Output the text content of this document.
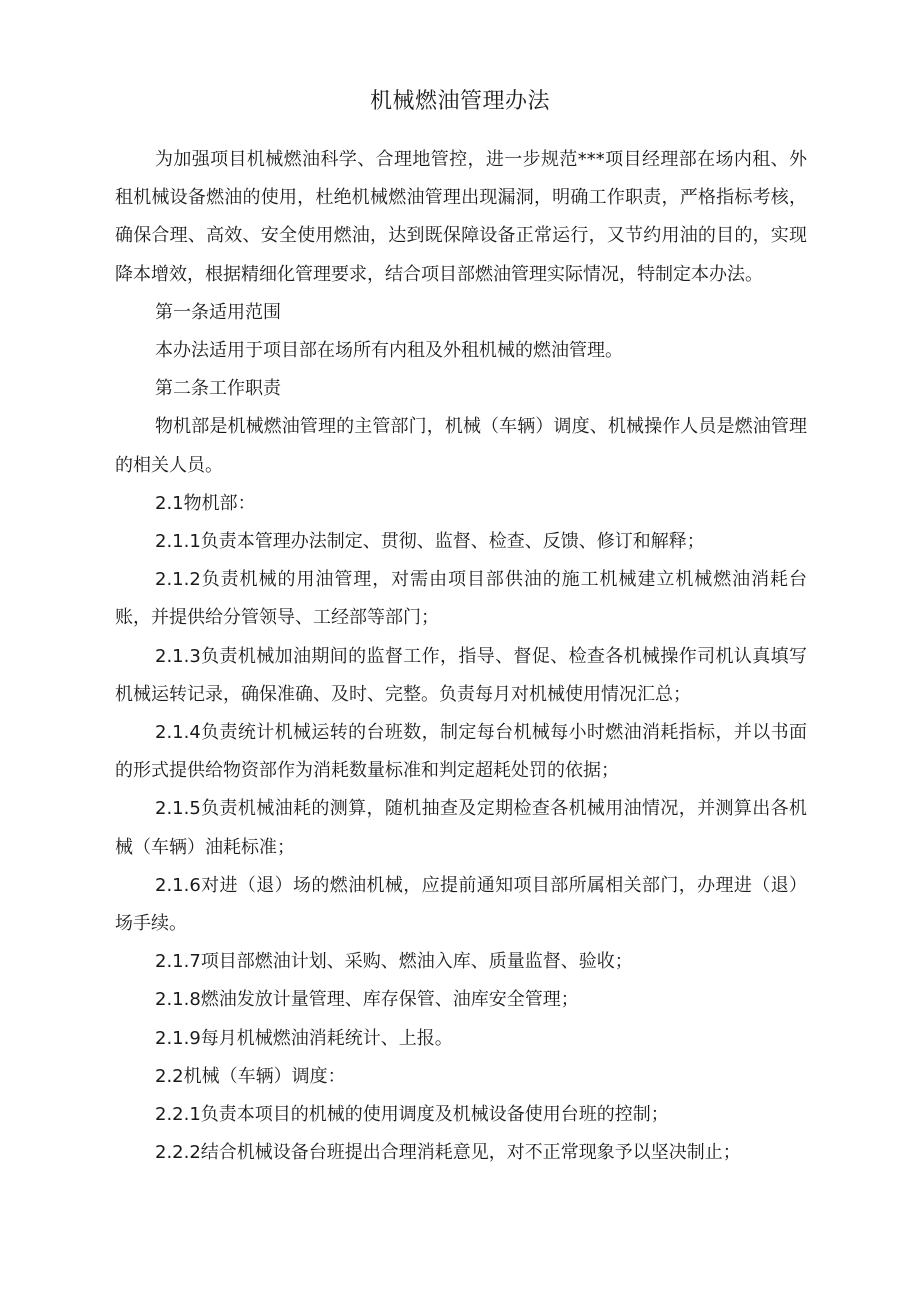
机械燃油管理办法

为加强项目机械燃油科学、合理地管控，进一步规范***项目经理部在场内租、外租机械设备燃油的使用，杜绝机械燃油管理出现漏洞，明确工作职责，严格指标考核，确保合理、高效、安全使用燃油，达到既保障设备正常运行，又节约用油的目的，实现降本增效，根据精细化管理要求，结合项目部燃油管理实际情况，特制定本办法。

第一条适用范围

本办法适用于项目部在场所有内租及外租机械的燃油管理。

第二条工作职责

物机部是机械燃油管理的主管部门，机械（车辆）调度、机械操作人员是燃油管理的相关人员。

2.1物机部：

2.1.1负责本管理办法制定、贯彻、监督、检查、反馈、修订和解释；

2.1.2负责机械的用油管理，对需由项目部供油的施工机械建立机械燃油消耗台账，并提供给分管领导、工经部等部门；

2.1.3负责机械加油期间的监督工作，指导、督促、检查各机械操作司机认真填写机械运转记录，确保准确、及时、完整。负责每月对机械使用情况汇总；

2.1.4负责统计机械运转的台班数，制定每台机械每小时燃油消耗指标，并以书面的形式提供给物资部作为消耗数量标准和判定超耗处罚的依据；

2.1.5负责机械油耗的测算，随机抽查及定期检查各机械用油情况，并测算出各机械（车辆）油耗标准；

2.1.6对进（退）场的燃油机械，应提前通知项目部所属相关部门，办理进（退）场手续。

2.1.7项目部燃油计划、采购、燃油入库、质量监督、验收；

2.1.8燃油发放计量管理、库存保管、油库安全管理；

2.1.9每月机械燃油消耗统计、上报。

2.2机械（车辆）调度：

2.2.1负责本项目的机械的使用调度及机械设备使用台班的控制；

2.2.2结合机械设备台班提出合理消耗意见，对不正常现象予以坚决制止；
